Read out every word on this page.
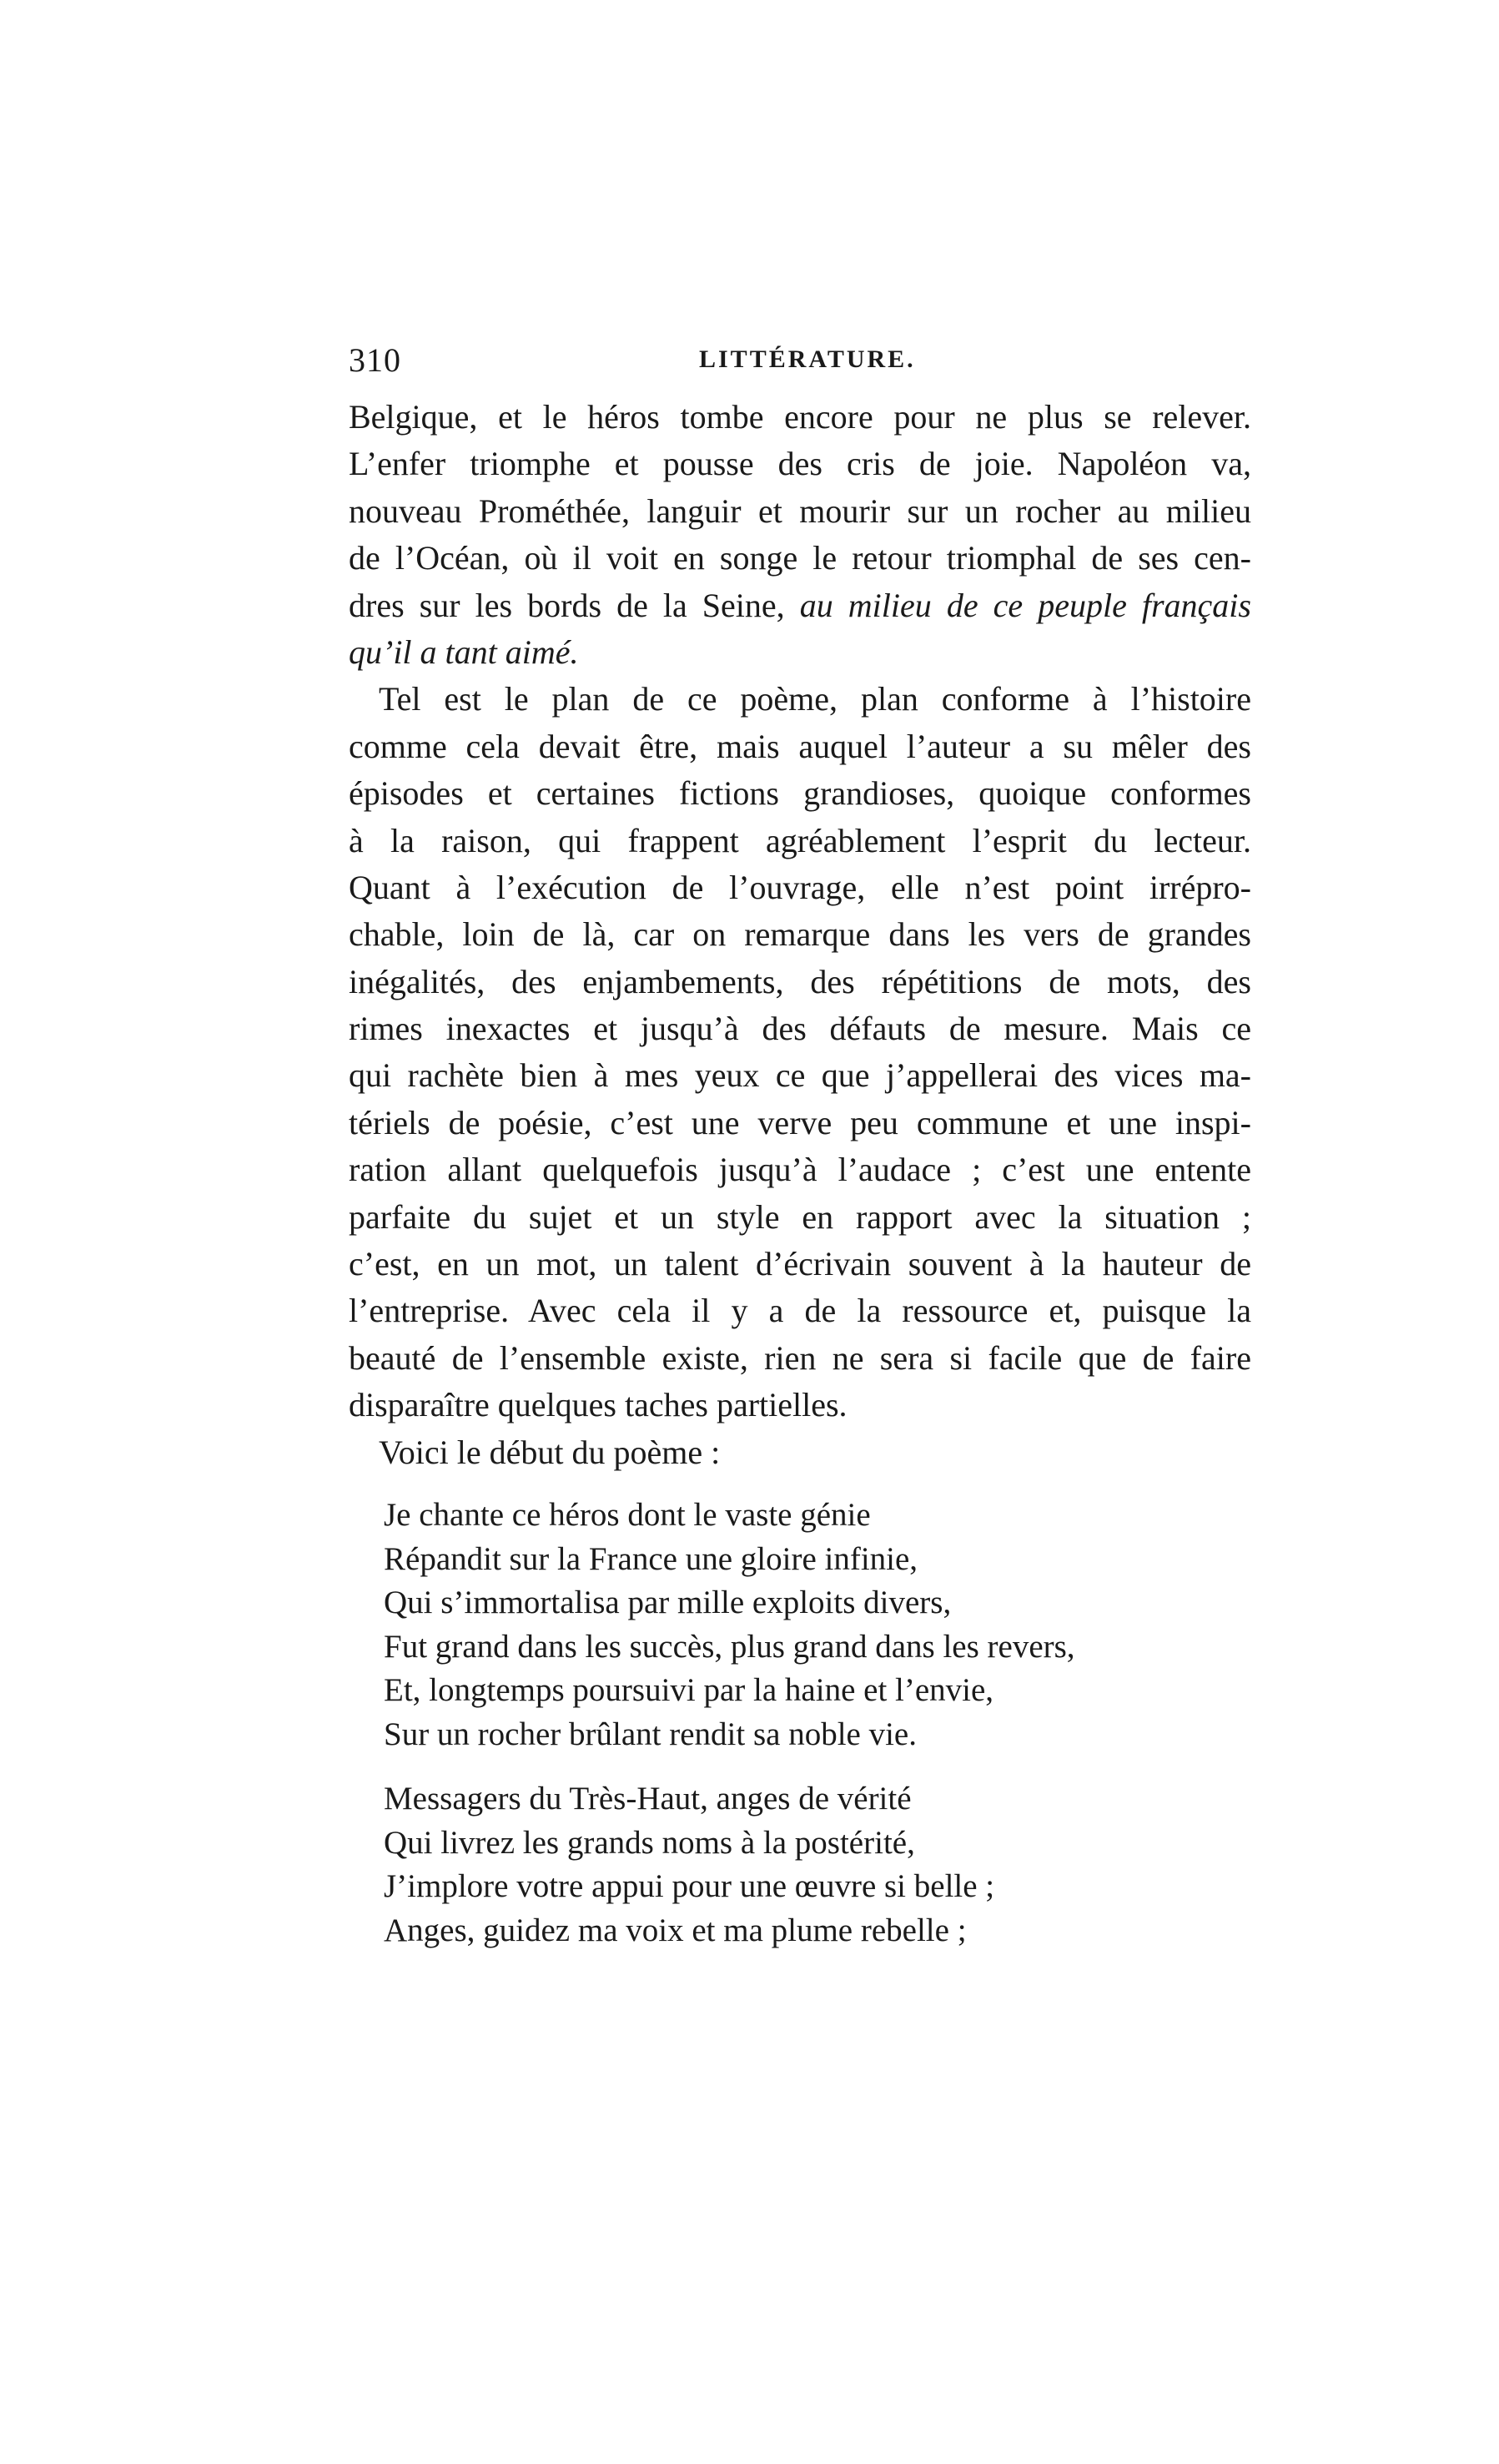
310	LITTÉRATURE.
Belgique, et le héros tombe encore pour ne plus se relever.
L’enfer triomphe et pousse des cris de joie. Napoléon va,
nouveau Prométhée, languir et mourir sur un rocher au milieu
de l’Océan, où il voit en songe le retour triomphal de ses cen-
dres sur les bords de la Seine, au milieu de ce peuple français
qu’il a tant aimé.
Tel est le plan de ce poème, plan conforme à l’histoire
comme cela devait être, mais auquel l’auteur a su mêler des
épisodes et certaines fictions grandioses, quoique conformes
à la raison, qui frappent agréablement l’esprit du lecteur.
Quant à l’exécution de l’ouvrage, elle n’est point irrépro-
chable, loin de là, car on remarque dans les vers de grandes
inégalités, des enjambements, des répétitions de mots, des
rimes inexactes et jusqu’à des défauts de mesure. Mais ce
qui rachète bien à mes yeux ce que j’appellerai des vices ma-
tériels de poésie, c’est une verve peu commune et une inspi-
ration allant quelquefois jusqu’à l’audace ; c’est une entente
parfaite du sujet et un style en rapport avec la situation ;
c’est, en un mot, un talent d’écrivain souvent à la hauteur de
l’entreprise. Avec cela il y a de la ressource et, puisque la
beauté de l’ensemble existe, rien ne sera si facile que de faire
disparaître quelques taches partielles.
Voici le début du poème :
Je chante ce héros dont le vaste génie
Répandit sur la France une gloire infinie,
Qui s’immortalisa par mille exploits divers,
Fut grand dans les succès, plus grand dans les revers,
Et, longtemps poursuivi par la haine et l’envie,
Sur un rocher brûlant rendit sa noble vie.
Messagers du Très-Haut, anges de vérité
Qui livrez les grands noms à la postérité,
J’implore votre appui pour une œuvre si belle ;
Anges, guidez ma voix et ma plume rebelle ;
